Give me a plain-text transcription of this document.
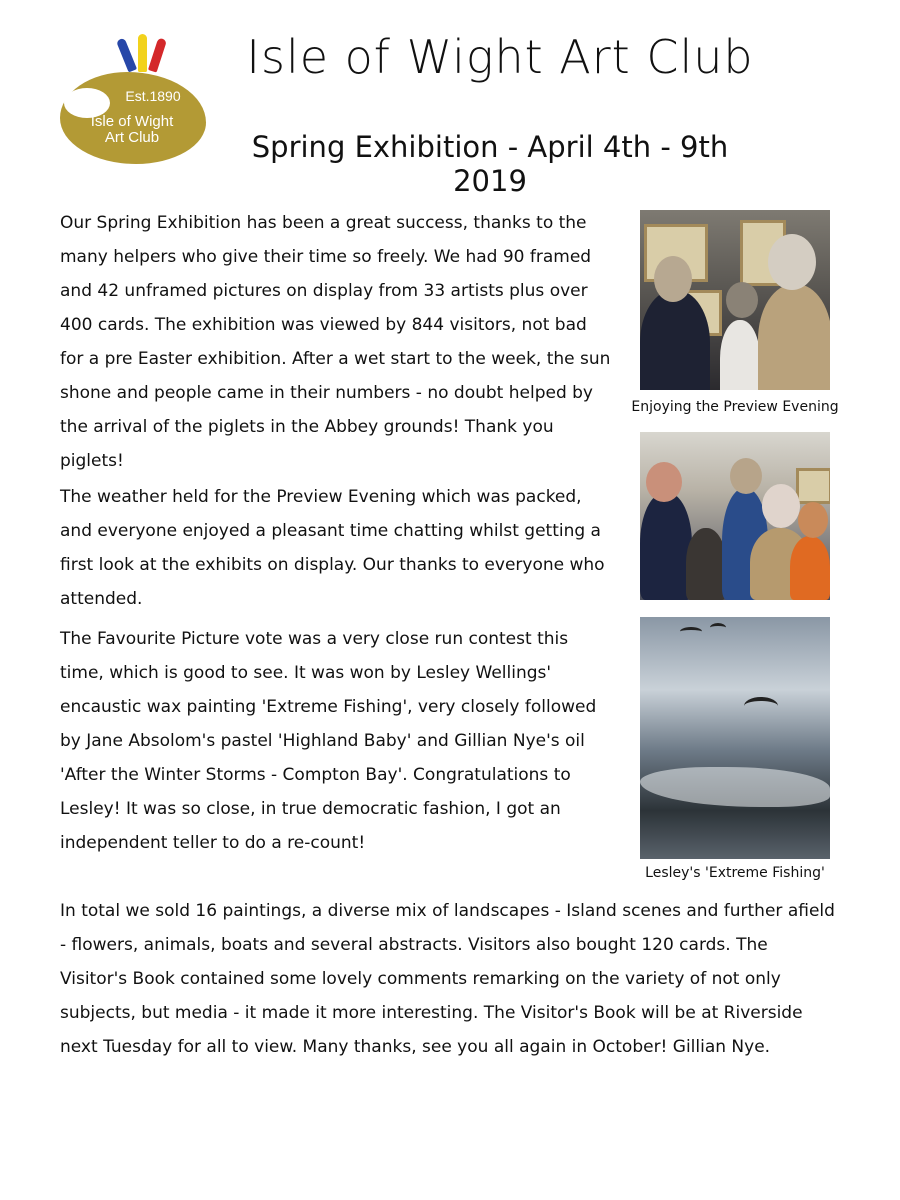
Est.1890
Isle of Wight
Art Club
Isle of Wight Art Club
Spring Exhibition - April 4th - 9th 2019
Our Spring Exhibition has been a great success, thanks to the many helpers who give their time so freely. We had 90 framed and 42 unframed pictures on display from 33 artists plus over 400 cards. The exhibition was viewed by 844 visitors, not bad for a pre Easter exhibition. After a wet start to the week, the sun shone and people came in their numbers - no doubt helped by the arrival of the piglets in the Abbey grounds! Thank you piglets!
The weather held for the Preview Evening which was packed, and everyone enjoyed a pleasant time chatting whilst getting a first look at the exhibits on display. Our thanks to everyone who attended.
The Favourite Picture vote was a very close run contest this time, which is good to see. It was won by Lesley Wellings' encaustic wax painting 'Extreme Fishing', very closely followed by Jane Absolom's pastel 'Highland Baby' and Gillian Nye's oil 'After the Winter Storms - Compton Bay'. Congratulations to Lesley! It was so close, in true democratic fashion, I got an independent teller to do a re-count!
In total we sold 16 paintings, a diverse mix of landscapes - Island scenes and further afield - flowers, animals, boats and several abstracts. Visitors also bought 120 cards. The Visitor's Book contained some lovely comments remarking on the variety of not only subjects, but media - it made it more interesting. The Visitor's Book will be at Riverside next Tuesday for all to view. Many thanks, see you all again in October! Gillian Nye.
Enjoying the Preview Evening
Lesley's 'Extreme Fishing'
